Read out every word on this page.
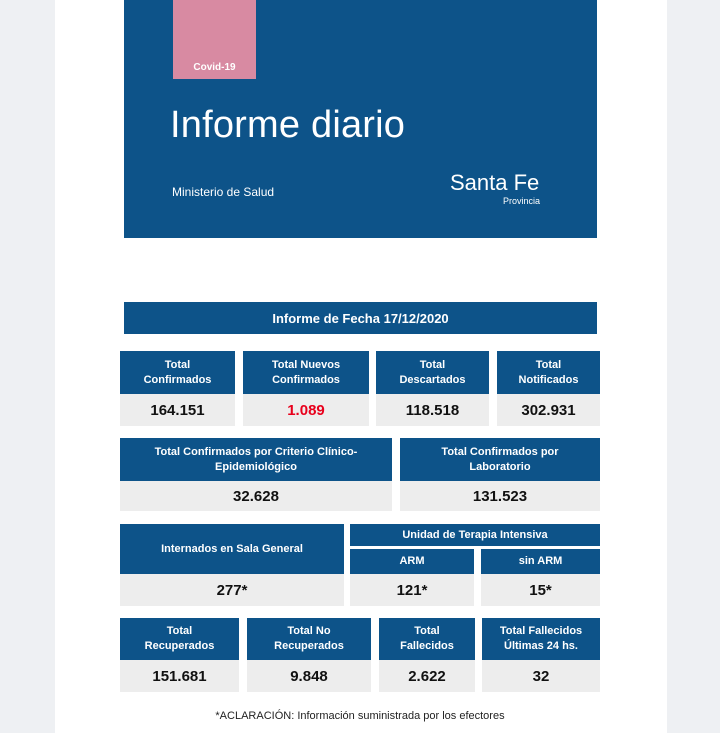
Covid-19
Informe diario
Ministerio de Salud	Santa Fe
Provincia
Informe de Fecha 17/12/2020
Total
Confirmados
164.151
Total Nuevos
Confirmados
1.089
Total
Descartados
118.518
Total
Notificados
302.931
Total Confirmados por Criterio Clínico-
Epidemiológico
32.628
Total Confirmados por
Laboratorio
131.523
Internados en Sala General
277*
Unidad de Terapia Intensiva
ARM
121*
sin ARM
15*
Total
Recuperados
151.681
Total No
Recuperados
9.848
Total
Fallecidos
2.622
Total Fallecidos
Últimas 24 hs.
32
*ACLARACIÓN: Información suministrada por los efectores
